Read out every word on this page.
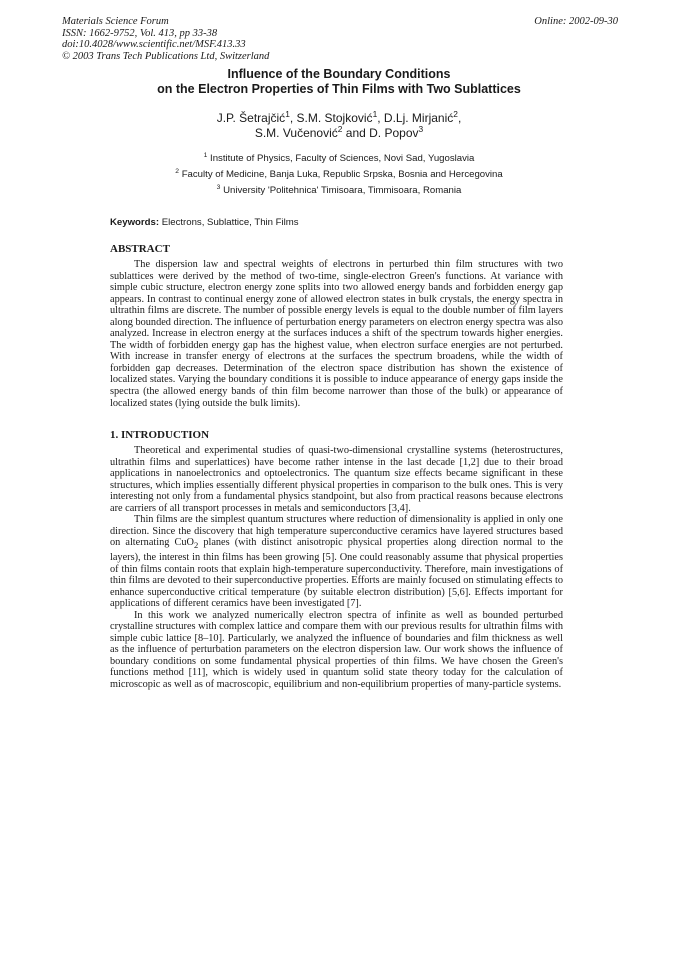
Materials Science Forum
ISSN: 1662-9752, Vol. 413, pp 33-38
doi:10.4028/www.scientific.net/MSF.413.33
© 2003 Trans Tech Publications Ltd, Switzerland
Online: 2002-09-30
Influence of the Boundary Conditions
on the Electron Properties of Thin Films with Two Sublattices
J.P. Šetrajčić$^1$, S.M. Stojković$^1$, D.Lj. Mirjanić$^2$,
S.M. Vučenović$^2$ and D. Popov$^3$
$^1$ Institute of Physics, Faculty of Sciences, Novi Sad, Yugoslavia
$^2$ Faculty of Medicine, Banja Luka, Republic Srpska, Bosnia and Hercegovina
$^3$ University 'Politehnica' Timisoara, Timmisoara, Romania
Keywords: Electrons, Sublattice, Thin Films
ABSTRACT

The dispersion law and spectral weights of electrons in perturbed thin film structures with two sublattices were derived by the method of two-time, single-electron Green's functions. At variance with simple cubic structure, electron energy zone splits into two allowed energy bands and forbidden energy gap appears. In contrast to continual energy zone of allowed electron states in bulk crystals, the energy spectra in ultrathin films are discrete. The number of possible energy levels is equal to the double number of film layers along bounded direction. The influence of perturbation energy parameters on electron energy spectra was also analyzed. Increase in electron energy at the surfaces induces a shift of the spectrum towards higher energies. The width of forbidden energy gap has the highest value, when electron surface energies are not perturbed. With increase in transfer energy of electrons at the surfaces the spectrum broadens, while the width of forbidden gap decreases. Determination of the electron space distribution has shown the existence of localized states. Varying the boundary conditions it is possible to induce appearance of energy gaps inside the spectra (the allowed energy bands of thin film become narrower than those of the bulk) or appearance of localized states (lying outside the bulk limits).

1. INTRODUCTION

Theoretical and experimental studies of quasi-two-dimensional crystalline systems (heterostructures, ultrathin films and superlattices) have become rather intense in the last decade [1,2] due to their broad applications in nanoelectronics and optoelectronics. The quantum size effects became significant in these structures, which implies essentially different physical properties in comparison to the bulk ones. This is very interesting not only from a fundamental physics standpoint, but also from practical reasons because electrons are carriers of all transport processes in metals and semiconductors [3,4].

Thin films are the simplest quantum structures where reduction of dimensionality is applied in only one direction. Since the discovery that high temperature superconductive ceramics have layered structures based on alternating CuO$_2$ planes (with distinct anisotropic physical properties along direction normal to the layers), the interest in thin films has been growing [5]. One could reasonably assume that physical properties of thin films contain roots that explain high-temperature superconductivity. Therefore, main investigations of thin films are devoted to their superconductive properties. Efforts are mainly focused on stimulating effects to enhance superconductive critical temperature (by suitable electron distribution) [5,6]. Effects important for applications of different ceramics have been investigated [7].

In this work we analyzed numerically electron spectra of infinite as well as bounded perturbed crystalline structures with complex lattice and compare them with our previous results for ultrathin films with simple cubic lattice [8–10]. Particularly, we analyzed the influence of boundaries and film thickness as well as the influence of perturbation parameters on the electron dispersion law. Our work shows the influence of boundary conditions on some fundamental physical properties of thin films. We have chosen the Green's functions method [11], which is widely used in quantum solid state theory today for the calculation of microscopic as well as of macroscopic, equilibrium and non-equilibrium properties of many-particle systems.
